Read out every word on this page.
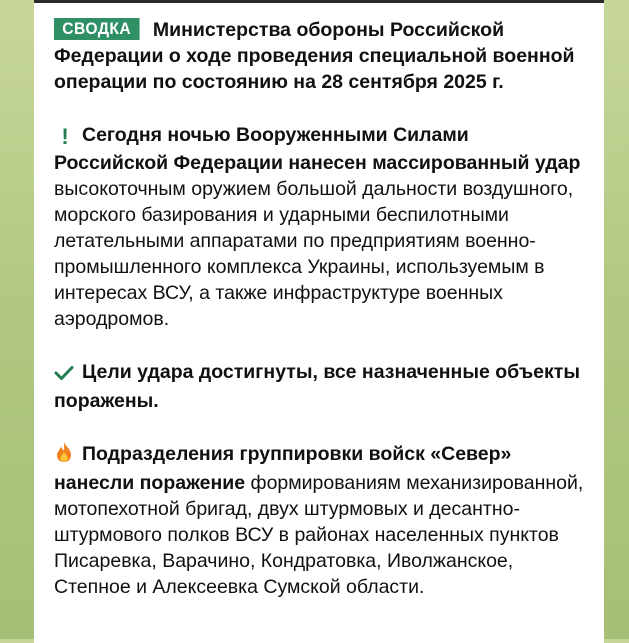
СВОДКА Министерства обороны Российской Федерации о ходе проведения специальной военной операции по состоянию на 28 сентября 2025 г.

! Сегодня ночью Вооруженными Силами Российской Федерации нанесен массированный удар высокоточным оружием большой дальности воздушного, морского базирования и ударными беспилотными летательными аппаратами по предприятиям военно-промышленного комплекса Украины, используемым в интересах ВСУ, а также инфраструктуре военных аэродромов.

Цели удара достигнуты, все назначенные объекты поражены.

Подразделения группировки войск «Север» нанесли поражение формированиям механизированной, мотопехотной бригад, двух штурмовых и десантно-штурмового полков ВСУ в районах населенных пунктов Писаревка, Варачино, Кондратовка, Иволжанское, Степное и Алексеевка Сумской области.
